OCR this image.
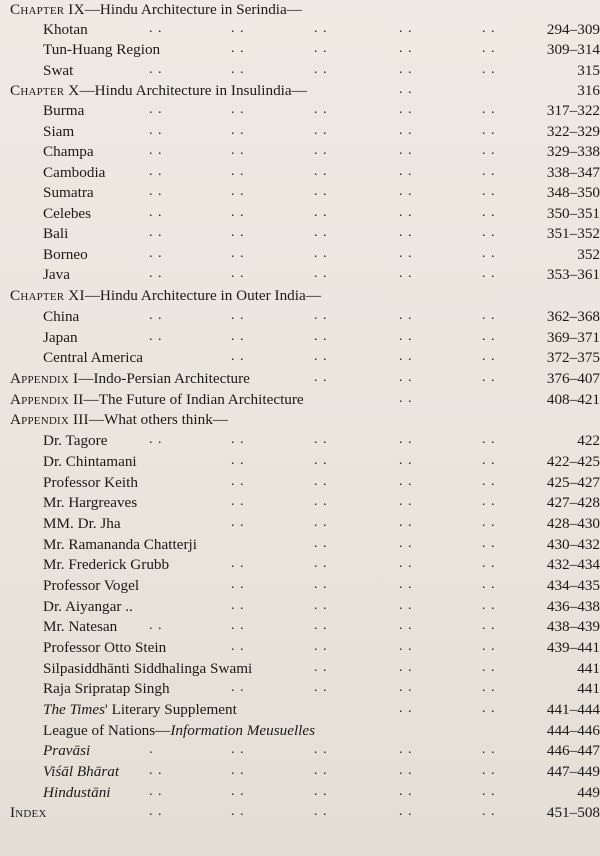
Chapter IX—Hindu Architecture in Serindia—
Khotan	294–309
Tun-Huang Region	309–314
Swat	315
Chapter X—Hindu Architecture in Insulindia—	316
Burma	317–322
Siam	322–329
Champa	329–338
Cambodia	338–347
Sumatra	348–350
Celebes	350–351
Bali	351–352
Borneo	352
Java	353–361
Chapter XI—Hindu Architecture in Outer India—
China	362–368
Japan	369–371
Central America	372–375
Appendix I—Indo-Persian Architecture	376–407
Appendix II—The Future of Indian Architecture	408–421
Appendix III—What others think—
Dr. Tagore	422
Dr. Chintamani	422–425
Professor Keith	425–427
Mr. Hargreaves	427–428
MM. Dr. Jha	428–430
Mr. Ramananda Chatterji	430–432
Mr. Frederick Grubb	432–434
Professor Vogel	434–435
Dr. Aiyangar ..	436–438
Mr. Natesan	438–439
Professor Otto Stein	439–441
Silpasiddhānti Siddhalinga Swami	441
Raja Sripratap Singh	441
The Times' Literary Supplement	441–444
League of Nations—Information Meusuelles	444–446
Pravāsi	446–447
Viśāl Bhārat	447–449
Hindustāni	449
Index	451–508
. .	. .	. .	. .	. .
. .	. .	. .	. .
. .	. .	. .	. .	. .
. .
. .	. .	. .	. .	. .
. .	. .	. .	. .	. .
. .	. .	. .	. .	. .
. .	. .	. .	. .	. .
. .	. .	. .	. .	. .
. .	. .	. .	. .	. .
. .	. .	. .	. .	. .
. .	. .	. .	. .	. .
. .	. .	. .	. .	. .
. .	. .	. .	. .	. .
. .	. .	. .	. .	. .
. .	. .	. .	. .
. .	. .	. .
. .
. .	. .	. .	. .	. .
. .	. .	. .	. .
. .	. .	. .	. .
. .	. .	. .	. .
. .	. .	. .	. .
. .	. .	. .
. .	. .	. .	. .
. .	. .	. .	. .
. .	. .	. .	. .
. .	. .	. .	. .	. .
. .	. .	. .	. .
. .	. .	. .
. .	. .	. .	. .
. .	. .
.	. .	. .	. .	. .
. .	. .	. .	. .	. .
. .	. .	. .	. .	. .
. .	. .	. .	. .	. .
